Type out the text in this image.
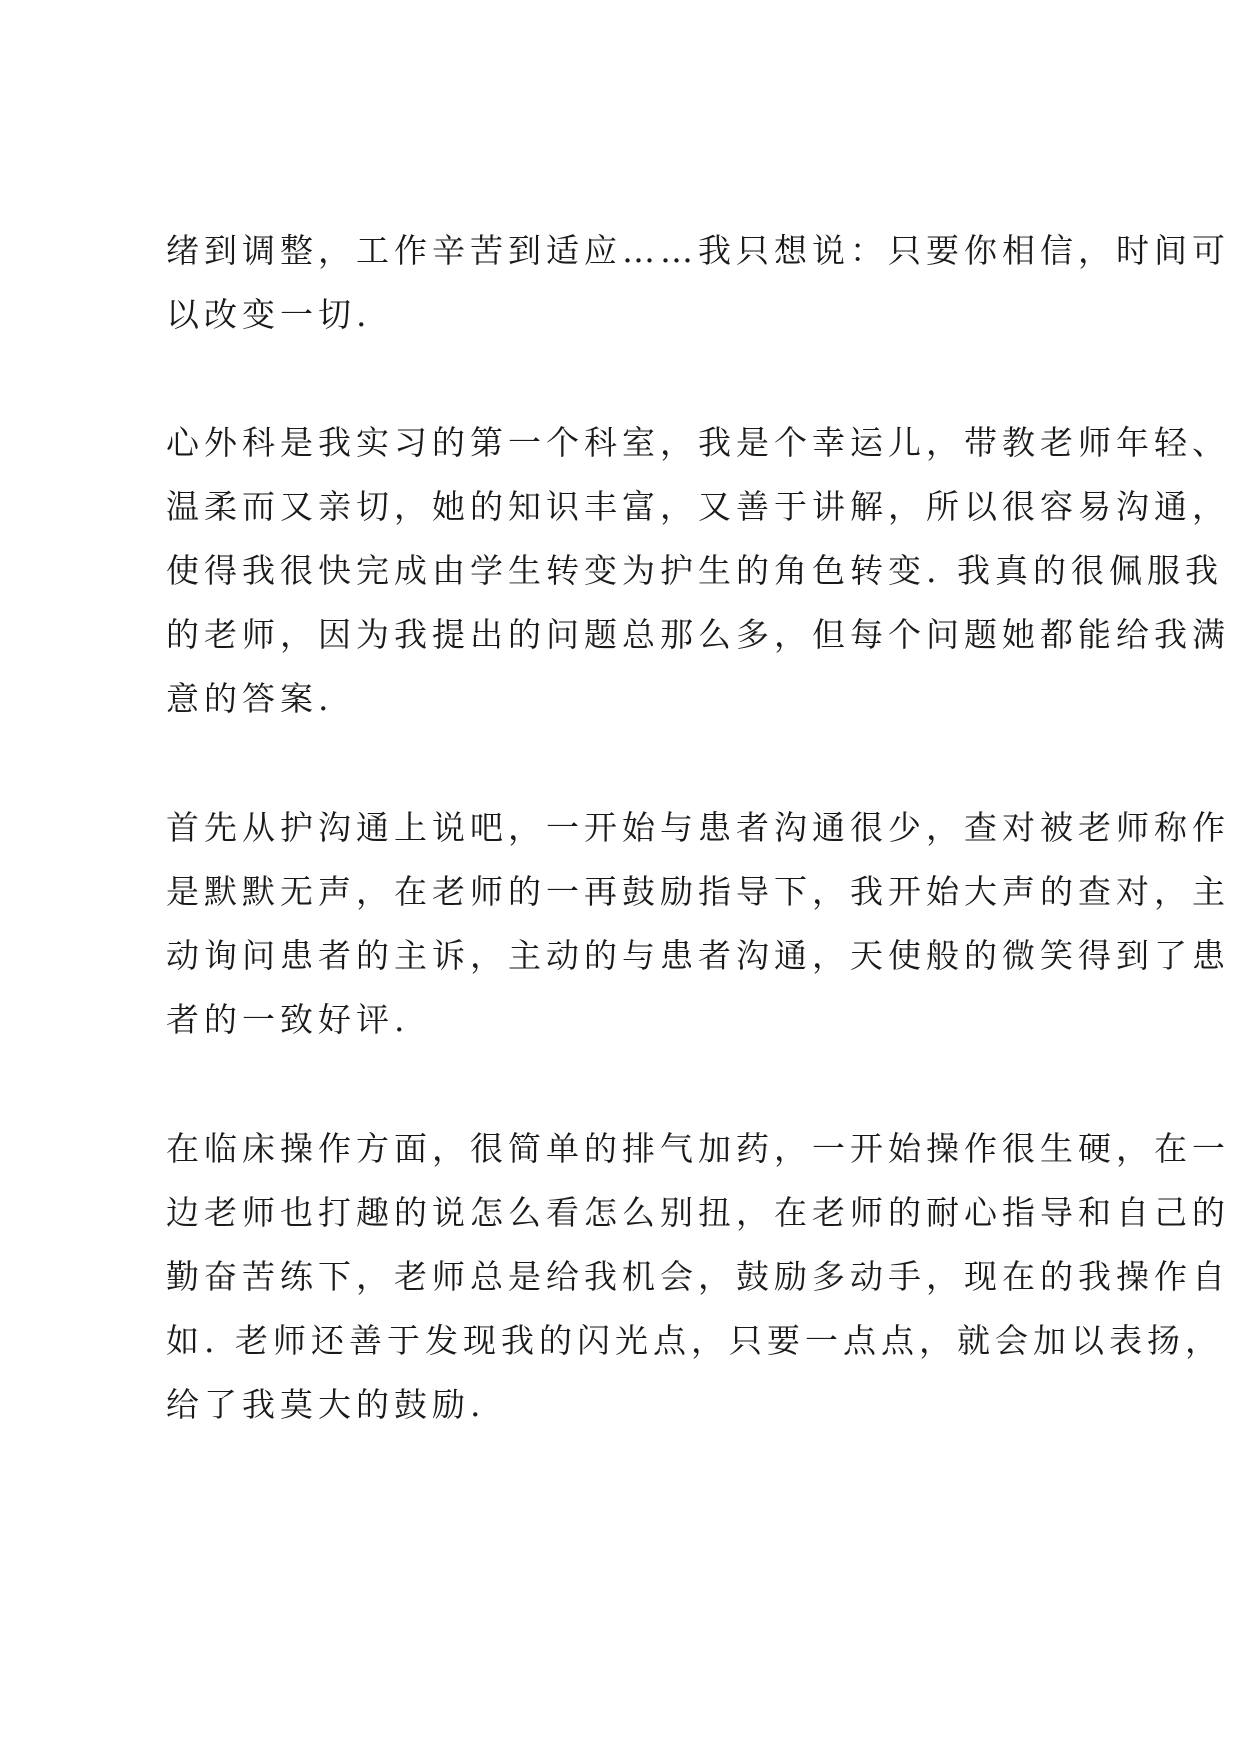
绪到调整，工作辛苦到适应……我只想说：只要你相信，时间可
以改变一切.
心外科是我实习的第一个科室，我是个幸运儿，带教老师年轻、
温柔而又亲切，她的知识丰富，又善于讲解，所以很容易沟通，
使得我很快完成由学生转变为护生的角色转变. 我真的很佩服我
的老师，因为我提出的问题总那么多，但每个问题她都能给我满
意的答案.
首先从护沟通上说吧，一开始与患者沟通很少，查对被老师称作
是默默无声，在老师的一再鼓励指导下，我开始大声的查对，主
动询问患者的主诉，主动的与患者沟通，天使般的微笑得到了患
者的一致好评.
在临床操作方面，很简单的排气加药，一开始操作很生硬，在一
边老师也打趣的说怎么看怎么别扭，在老师的耐心指导和自己的
勤奋苦练下，老师总是给我机会，鼓励多动手，现在的我操作自
如. 老师还善于发现我的闪光点，只要一点点，就会加以表扬，
给了我莫大的鼓励.
